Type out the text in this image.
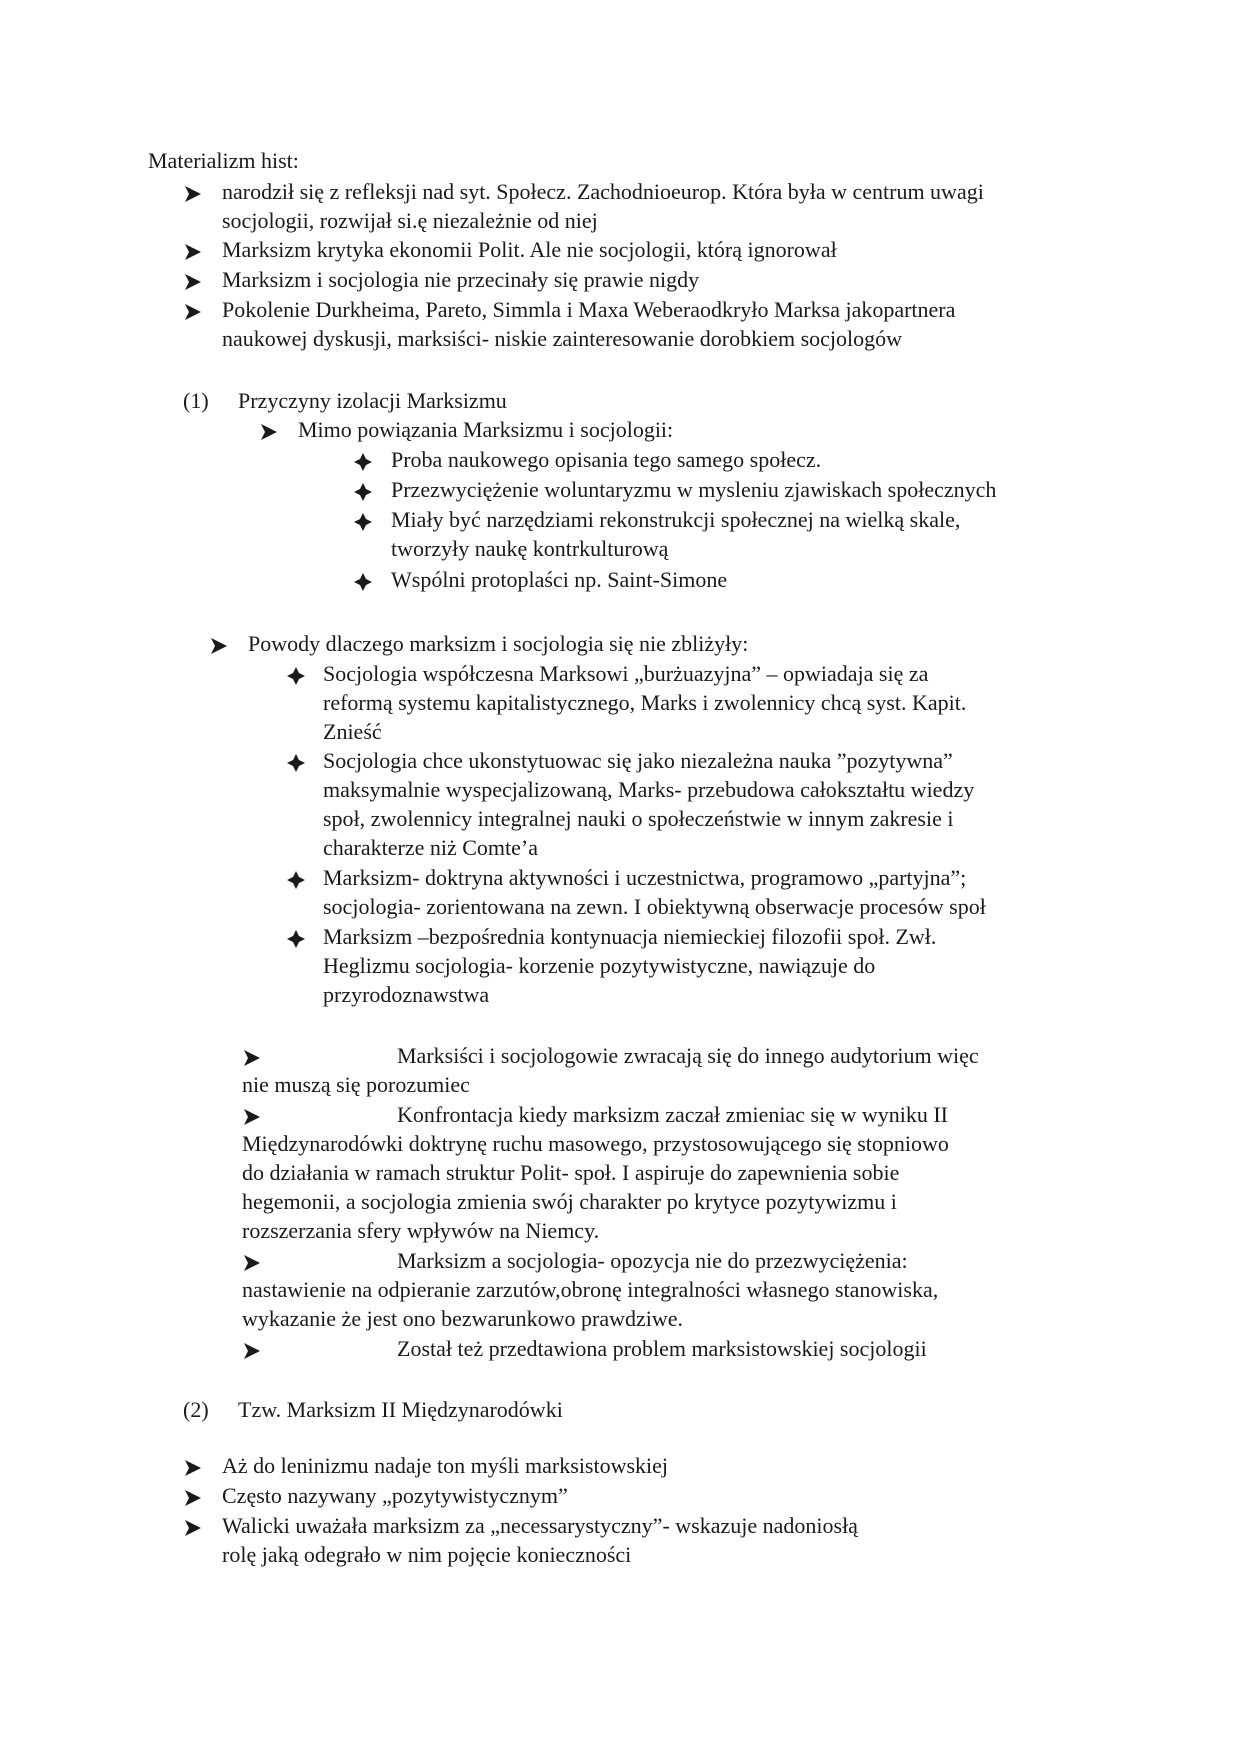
Materializm hist:
narodził się z refleksji nad syt. Społecz. Zachodnioeurop. Która była w centrum uwagi
socjologii, rozwijał si.ę niezależnie od niej
Marksizm krytyka ekonomii Polit. Ale nie socjologii, którą ignorował
Marksizm i socjologia nie przecinały się prawie nigdy
Pokolenie Durkheima, Pareto, Simmla i Maxa Weberaodkryło Marksa jakopartnera
naukowej dyskusji, marksiści- niskie zainteresowanie dorobkiem socjologów
(1) Przyczyny izolacji Marksizmu
Mimo powiązania Marksizmu i socjologii:
Proba naukowego opisania tego samego społecz.
Przezwyciężenie woluntaryzmu w mysleniu zjawiskach społecznych
Miały być narzędziami rekonstrukcji społecznej na wielką skale,
tworzyły naukę kontrkulturową
Wspólni protoplaści np. Saint-Simone
Powody dlaczego marksizm i socjologia się nie zbliżyły:
Socjologia współczesna Marksowi „burżuazyjna” – opwiadaja się za
reformą systemu kapitalistycznego, Marks i zwolennicy chcą syst. Kapit.
Znieść
Socjologia chce ukonstytuowac się jako niezależna nauka ”pozytywna”
maksymalnie wyspecjalizowaną, Marks- przebudowa całokształtu wiedzy
społ, zwolennicy integralnej nauki o społeczeństwie w innym zakresie i
charakterze niż Comte’a
Marksizm- doktryna aktywności i uczestnictwa, programowo „partyjna”;
socjologia- zorientowana na zewn. I obiektywną obserwacje procesów społ
Marksizm –bezpośrednia kontynuacja niemieckiej filozofii społ. Zwł.
Heglizmu socjologia- korzenie pozytywistyczne, nawiązuje do
przyrodoznawstwa
Marksiści i socjologowie zwracają się do innego audytorium więc
nie muszą się porozumiec
Konfrontacja kiedy marksizm zaczał zmieniac się w wyniku II
Międzynarodówki doktrynę ruchu masowego, przystosowującego się stopniowo
do działania w ramach struktur Polit- społ. I aspiruje do zapewnienia sobie
hegemonii, a socjologia zmienia swój charakter po krytyce pozytywizmu i
rozszerzania sfery wpływów na Niemcy.
Marksizm a socjologia- opozycja nie do przezwyciężenia:
nastawienie na odpieranie zarzutów,obronę integralności własnego stanowiska,
wykazanie że jest ono bezwarunkowo prawdziwe.
Został też przedtawiona problem marksistowskiej socjologii
(2) Tzw. Marksizm II Międzynarodówki
Aż do leninizmu nadaje ton myśli marksistowskiej
Często nazywany „pozytywistycznym”
Walicki uważała marksizm za „necessarystyczny”- wskazuje nadoniosłą
rolę jaką odegrało w nim pojęcie konieczności
